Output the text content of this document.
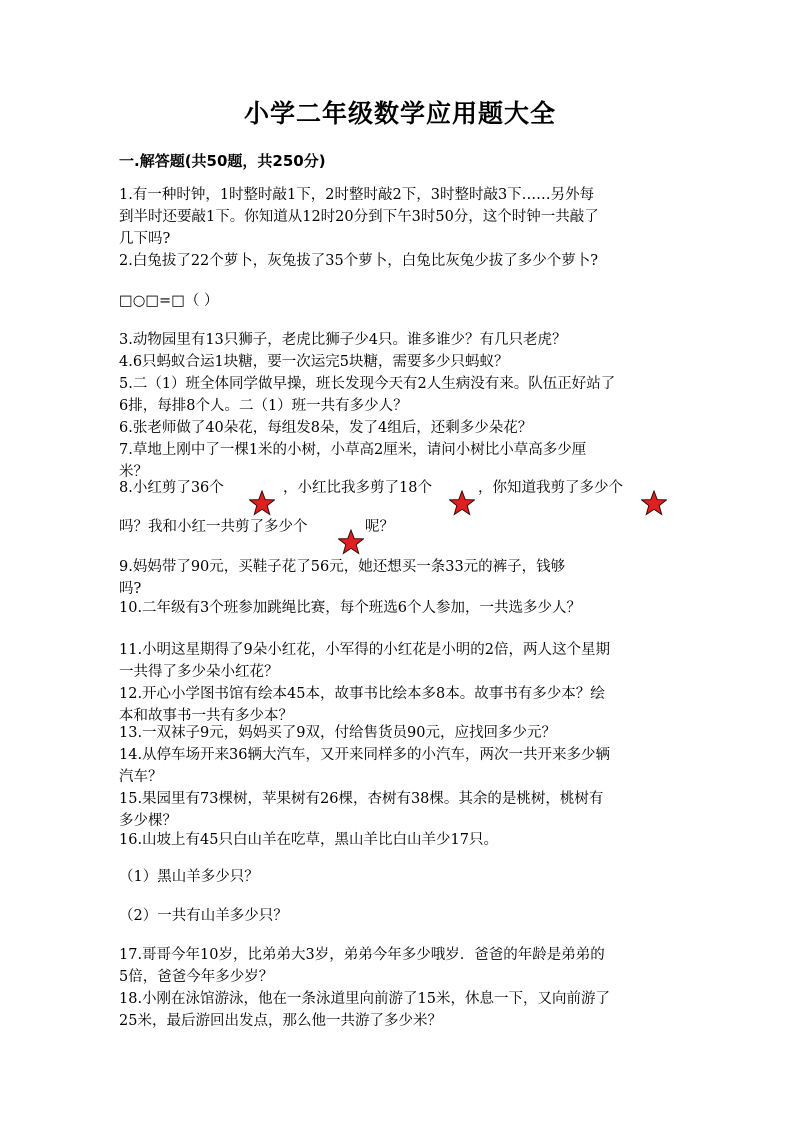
小学二年级数学应用题大全
一.解答题(共50题，共250分)
1.有一种时钟，1时整时敲1下，2时整时敲2下，3时整时敲3下……另外每
到半时还要敲1下。你知道从12时20分到下午3时50分，这个时钟一共敲了
几下吗?
2.白兔拔了22个萝卜，灰兔拔了35个萝卜，白兔比灰兔少拔了多少个萝卜?
□○□=□（ ）
3.动物园里有13只狮子，老虎比狮子少4只。谁多谁少？有几只老虎？
4.6只蚂蚁合运1块糖，要一次运完5块糖，需要多少只蚂蚁？
5.二（1）班全体同学做早操，班长发现今天有2人生病没有来。队伍正好站了
6排，每排8个人。二（1）班一共有多少人？
6.张老师做了40朵花，每组发8朵，发了4组后，还剩多少朵花？
7.草地上刚中了一棵1米的小树，小草高2厘米，请问小树比小草高多少厘
米？
8.小红剪了36个	，小红比我多剪了18个	，你知道我剪了多少个
吗？我和小红一共剪了多少个	呢？
9.妈妈带了90元，买鞋子花了56元，她还想买一条33元的裤子，钱够
吗?
10.二年级有3个班参加跳绳比赛，每个班选6个人参加，一共选多少人？
11.小明这星期得了9朵小红花，小军得的小红花是小明的2倍，两人这个星期
一共得了多少朵小红花？
12.开心小学图书馆有绘本45本，故事书比绘本多8本。故事书有多少本？绘
本和故事书一共有多少本？
13.一双袜子9元，妈妈买了9双，付给售货员90元，应找回多少元？
14.从停车场开来36辆大汽车，又开来同样多的小汽车，两次一共开来多少辆
汽车？
15.果园里有73棵树，苹果树有26棵，杏树有38棵。其余的是桃树，桃树有
多少棵？
16.山坡上有45只白山羊在吃草，黑山羊比白山羊少17只。
（1）黑山羊多少只？
（2）一共有山羊多少只？
17.哥哥今年10岁，比弟弟大3岁，弟弟今年多少哦岁．爸爸的年龄是弟弟的
5倍，爸爸今年多少岁？
18.小刚在泳馆游泳，他在一条泳道里向前游了15米，休息一下，又向前游了
25米，最后游回出发点，那么他一共游了多少米？
